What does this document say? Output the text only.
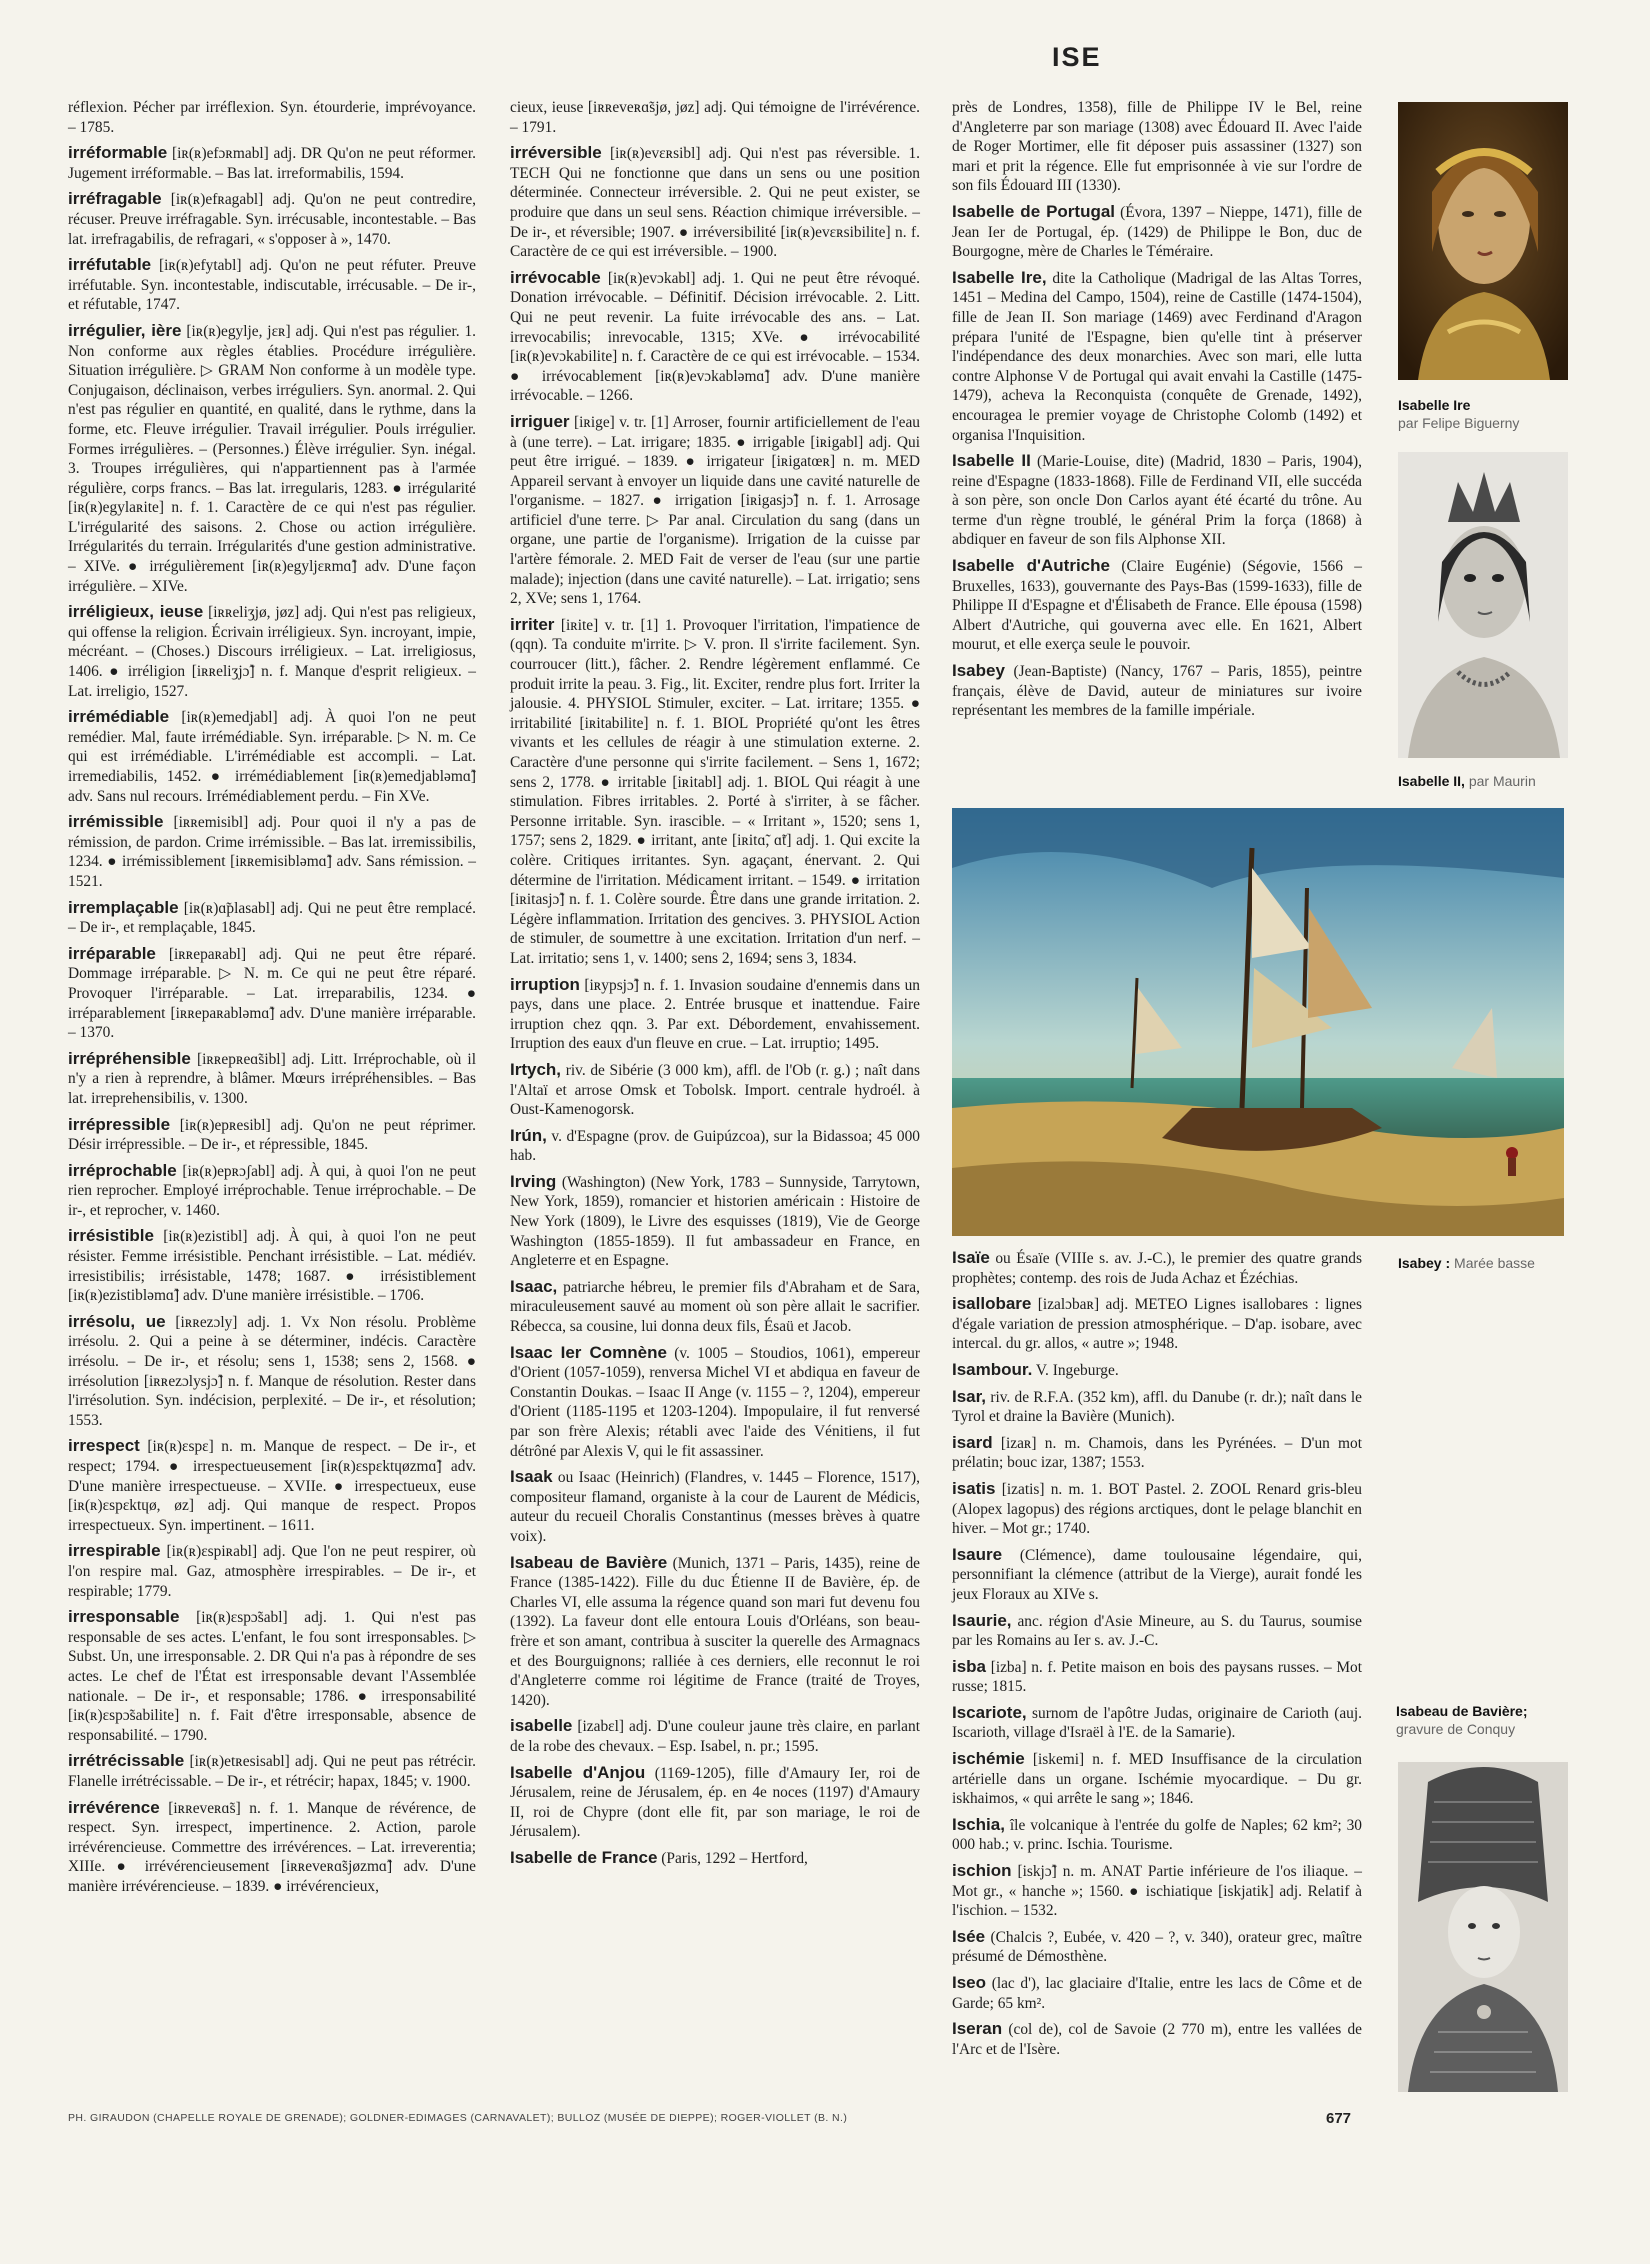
ISE
réflexion. Pécher par irréflexion. Syn. étourderie, imprévoyance. – 1785.
irréformable [iʀ(ʀ)efɔʀmabl] adj. DR Qu'on ne peut réformer. Jugement irréformable. – Bas lat. irreformabilis, 1594.
irréfragable [iʀ(ʀ)efʀagabl] adj. Qu'on ne peut contredire, récuser. Preuve irréfragable. Syn. irrécusable, incontestable. – Bas lat. irrefragabilis, de refragari, « s'opposer à », 1470.
irréfutable [iʀ(ʀ)efytabl] adj. Qu'on ne peut réfuter. Preuve irréfutable. Syn. incontestable, indiscutable, irrécusable. – De ir-, et réfutable, 1747.
irrégulier, ière [iʀ(ʀ)egylje, jɛʀ] adj. Qui n'est pas régulier. 1. Non conforme aux règles établies. Procédure irrégulière. Situation irrégulière. ▷ GRAM Non conforme à un modèle type. Conjugaison, déclinaison, verbes irréguliers. Syn. anormal. 2. Qui n'est pas régulier en quantité, en qualité, dans le rythme, dans la forme, etc. Fleuve irrégulier. Travail irrégulier. Pouls irrégulier. Formes irrégulières. – (Personnes.) Élève irrégulier. Syn. inégal. 3. Troupes irrégulières, qui n'appartiennent pas à l'armée régulière, corps francs. – Bas lat. irregularis, 1283. ● irrégularité [iʀ(ʀ)egylaʀite] n. f. 1. Caractère de ce qui n'est pas régulier. L'irrégularité des saisons. 2. Chose ou action irrégulière. Irrégularités du terrain. Irrégularités d'une gestion administrative. – XIVe. ● irrégulièrement [iʀ(ʀ)egyljɛʀmɑ̃] adv. D'une façon irrégulière. – XIVe.
irréligieux, ieuse [iʀʀeliʒjø, jøz] adj. Qui n'est pas religieux, qui offense la religion. Écrivain irréligieux. Syn. incroyant, impie, mécréant. – (Choses.) Discours irréligieux. – Lat. irreligiosus, 1406. ● irréligion [iʀʀeliʒjɔ̃] n. f. Manque d'esprit religieux. – Lat. irreligio, 1527.
irrémédiable [iʀ(ʀ)emedjabl] adj. À quoi l'on ne peut remédier. Mal, faute irrémédiable. Syn. irréparable. ▷ N. m. Ce qui est irrémédiable. L'irrémédiable est accompli. – Lat. irremediabilis, 1452. ● irrémédiablement [iʀ(ʀ)emedjabləmɑ̃] adv. Sans nul recours. Irrémédiablement perdu. – Fin XVe.
irrémissible [iʀʀemisibl] adj. Pour quoi il n'y a pas de rémission, de pardon. Crime irrémissible. – Bas lat. irremissibilis, 1234. ● irrémissiblement [iʀʀemisibləmɑ̃] adv. Sans rémission. – 1521.
irremplaçable [iʀ(ʀ)ɑ̃plasabl] adj. Qui ne peut être remplacé. – De ir-, et remplaçable, 1845.
irréparable [iʀʀepaʀabl] adj. Qui ne peut être réparé. Dommage irréparable. ▷ N. m. Ce qui ne peut être réparé. Provoquer l'irréparable. – Lat. irreparabilis, 1234. ● irréparablement [iʀʀepaʀabləmɑ̃] adv. D'une manière irréparable. – 1370.
irrépréhensible [iʀʀepʀeɑ̃sibl] adj. Litt. Irréprochable, où il n'y a rien à reprendre, à blâmer. Mœurs irrépréhensibles. – Bas lat. irreprehensibilis, v. 1300.
irrépressible [iʀ(ʀ)epʀesibl] adj. Qu'on ne peut réprimer. Désir irrépressible. – De ir-, et répressible, 1845.
irréprochable [iʀ(ʀ)epʀɔʃabl] adj. À qui, à quoi l'on ne peut rien reprocher. Employé irréprochable. Tenue irréprochable. – De ir-, et reprocher, v. 1460.
irrésistible [iʀ(ʀ)ezistibl] adj. À qui, à quoi l'on ne peut résister. Femme irrésistible. Penchant irrésistible. – Lat. médiév. irresistibilis; irrésistable, 1478; 1687. ● irrésistiblement [iʀ(ʀ)ezistibləmɑ̃] adv. D'une manière irrésistible. – 1706.
irrésolu, ue [iʀʀezɔly] adj. 1. Vx Non résolu. Problème irrésolu. 2. Qui a peine à se déterminer, indécis. Caractère irrésolu. – De ir-, et résolu; sens 1, 1538; sens 2, 1568. ● irrésolution [iʀʀezɔlysjɔ̃] n. f. Manque de résolution. Rester dans l'irrésolution. Syn. indécision, perplexité. – De ir-, et résolution; 1553.
irrespect [iʀ(ʀ)ɛspɛ] n. m. Manque de respect. – De ir-, et respect; 1794. ● irrespectueusement [iʀ(ʀ)ɛspɛktɥøzmɑ̃] adv. D'une manière irrespectueuse. – XVIIe. ● irrespectueux, euse [iʀ(ʀ)ɛspɛktɥø, øz] adj. Qui manque de respect. Propos irrespectueux. Syn. impertinent. – 1611.
irrespirable [iʀ(ʀ)ɛspiʀabl] adj. Que l'on ne peut respirer, où l'on respire mal. Gaz, atmosphère irrespirables. – De ir-, et respirable; 1779.
irresponsable [iʀ(ʀ)ɛspɔ̃sabl] adj. 1. Qui n'est pas responsable de ses actes. L'enfant, le fou sont irresponsables. ▷ Subst. Un, une irresponsable. 2. DR Qui n'a pas à répondre de ses actes. Le chef de l'État est irresponsable devant l'Assemblée nationale. – De ir-, et responsable; 1786. ● irresponsabilité [iʀ(ʀ)ɛspɔ̃sabilite] n. f. Fait d'être irresponsable, absence de responsabilité. – 1790.
irrétrécissable [iʀ(ʀ)etʀesisabl] adj. Qui ne peut pas rétrécir. Flanelle irrétrécissable. – De ir-, et rétrécir; hapax, 1845; v. 1900.
irrévérence [iʀʀeveʀɑ̃s] n. f. 1. Manque de révérence, de respect. Syn. irrespect, impertinence. 2. Action, parole irrévérencieuse. Commettre des irrévérences. – Lat. irreverentia; XIIIe. ● irrévérencieusement [iʀʀeveʀɑ̃sjøzmɑ̃] adv. D'une manière irrévérencieuse. – 1839. ● irrévérencieux,
cieux, ieuse [iʀʀeveʀɑ̃sjø, jøz] adj. Qui témoigne de l'irrévérence. – 1791.
irréversible [iʀ(ʀ)evɛʀsibl] adj. Qui n'est pas réversible. 1. TECH Qui ne fonctionne que dans un sens ou une position déterminée. Connecteur irréversible. 2. Qui ne peut exister, se produire que dans un seul sens. Réaction chimique irréversible. – De ir-, et réversible; 1907. ● irréversibilité [iʀ(ʀ)evɛʀsibilite] n. f. Caractère de ce qui est irréversible. – 1900.
irrévocable [iʀ(ʀ)evɔkabl] adj. 1. Qui ne peut être révoqué. Donation irrévocable. – Définitif. Décision irrévocable. 2. Litt. Qui ne peut revenir. La fuite irrévocable des ans. – Lat. irrevocabilis; inrevocable, 1315; XVe. ● irrévocabilité [iʀ(ʀ)evɔkabilite] n. f. Caractère de ce qui est irrévocable. – 1534. ● irrévocablement [iʀ(ʀ)evɔkabləmɑ̃] adv. D'une manière irrévocable. – 1266.
irriguer [iʀige] v. tr. [1] Arroser, fournir artificiellement de l'eau à (une terre). – Lat. irrigare; 1835. ● irrigable [iʀigabl] adj. Qui peut être irrigué. – 1839. ● irrigateur [iʀigatœʀ] n. m. MED Appareil servant à envoyer un liquide dans une cavité naturelle de l'organisme. – 1827. ● irrigation [iʀigasjɔ̃] n. f. 1. Arrosage artificiel d'une terre. ▷ Par anal. Circulation du sang (dans un organe, une partie de l'organisme). Irrigation de la cuisse par l'artère fémorale. 2. MED Fait de verser de l'eau (sur une partie malade); injection (dans une cavité naturelle). – Lat. irrigatio; sens 2, XVe; sens 1, 1764.
irriter [iʀite] v. tr. [1] 1. Provoquer l'irritation, l'impatience de (qqn). Ta conduite m'irrite. ▷ V. pron. Il s'irrite facilement. Syn. courroucer (litt.), fâcher. 2. Rendre légèrement enflammé. Ce produit irrite la peau. 3. Fig., lit. Exciter, rendre plus fort. Irriter la jalousie. 4. PHYSIOL Stimuler, exciter. – Lat. irritare; 1355. ● irritabilité [iʀitabilite] n. f. 1. BIOL Propriété qu'ont les êtres vivants et les cellules de réagir à une stimulation externe. 2. Caractère d'une personne qui s'irrite facilement. – Sens 1, 1672; sens 2, 1778. ● irritable [iʀitabl] adj. 1. BIOL Qui réagit à une stimulation. Fibres irritables. 2. Porté à s'irriter, à se fâcher. Personne irritable. Syn. irascible. – « Irritant », 1520; sens 1, 1757; sens 2, 1829. ● irritant, ante [iʀitɑ̃, ɑ̃t] adj. 1. Qui excite la colère. Critiques irritantes. Syn. agaçant, énervant. 2. Qui détermine de l'irritation. Médicament irritant. – 1549. ● irritation [iʀitasjɔ̃] n. f. 1. Colère sourde. Être dans une grande irritation. 2. Légère inflammation. Irritation des gencives. 3. PHYSIOL Action de stimuler, de soumettre à une excitation. Irritation d'un nerf. – Lat. irritatio; sens 1, v. 1400; sens 2, 1694; sens 3, 1834.
irruption [iʀypsjɔ̃] n. f. 1. Invasion soudaine d'ennemis dans un pays, dans une place. 2. Entrée brusque et inattendue. Faire irruption chez qqn. 3. Par ext. Débordement, envahissement. Irruption des eaux d'un fleuve en crue. – Lat. irruptio; 1495.
Irtych, riv. de Sibérie (3 000 km), affl. de l'Ob (r. g.) ; naît dans l'Altaï et arrose Omsk et Tobolsk. Import. centrale hydroél. à Oust-Kamenogorsk.
Irún, v. d'Espagne (prov. de Guipúzcoa), sur la Bidassoa; 45 000 hab.
Irving (Washington) (New York, 1783 – Sunnyside, Tarrytown, New York, 1859), romancier et historien américain : Histoire de New York (1809), le Livre des esquisses (1819), Vie de George Washington (1855-1859). Il fut ambassadeur en France, en Angleterre et en Espagne.
Isaac, patriarche hébreu, le premier fils d'Abraham et de Sara, miraculeusement sauvé au moment où son père allait le sacrifier. Rébecca, sa cousine, lui donna deux fils, Ésaü et Jacob.
Isaac Ier Comnène (v. 1005 – Stoudios, 1061), empereur d'Orient (1057-1059), renversa Michel VI et abdiqua en faveur de Constantin Doukas. – Isaac II Ange (v. 1155 – ?, 1204), empereur d'Orient (1185-1195 et 1203-1204). Impopulaire, il fut renversé par son frère Alexis; rétabli avec l'aide des Vénitiens, il fut détrôné par Alexis V, qui le fit assassiner.
Isaak ou Isaac (Heinrich) (Flandres, v. 1445 – Florence, 1517), compositeur flamand, organiste à la cour de Laurent de Médicis, auteur du recueil Choralis Constantinus (messes brèves à quatre voix).
Isabeau de Bavière (Munich, 1371 – Paris, 1435), reine de France (1385-1422). Fille du duc Étienne II de Bavière, ép. de Charles VI, elle assuma la régence quand son mari fut devenu fou (1392). La faveur dont elle entoura Louis d'Orléans, son beau-frère et son amant, contribua à susciter la querelle des Armagnacs et des Bourguignons; ralliée à ces derniers, elle reconnut le roi d'Angleterre comme roi légitime de France (traité de Troyes, 1420).
isabelle [izabɛl] adj. D'une couleur jaune très claire, en parlant de la robe des chevaux. – Esp. Isabel, n. pr.; 1595.
Isabelle d'Anjou (1169-1205), fille d'Amaury Ier, roi de Jérusalem, reine de Jérusalem, ép. en 4e noces (1197) d'Amaury II, roi de Chypre (dont elle fit, par son mariage, le roi de Jérusalem).
Isabelle de France (Paris, 1292 – Hertford,
près de Londres, 1358), fille de Philippe IV le Bel, reine d'Angleterre par son mariage (1308) avec Édouard II. Avec l'aide de Roger Mortimer, elle fit déposer puis assassiner (1327) son mari et prit la régence. Elle fut emprisonnée à vie sur l'ordre de son fils Édouard III (1330).
Isabelle de Portugal (Évora, 1397 – Nieppe, 1471), fille de Jean Ier de Portugal, ép. (1429) de Philippe le Bon, duc de Bourgogne, mère de Charles le Téméraire.
Isabelle Ire, dite la Catholique (Madrigal de las Altas Torres, 1451 – Medina del Campo, 1504), reine de Castille (1474-1504), fille de Jean II. Son mariage (1469) avec Ferdinand d'Aragon prépara l'unité de l'Espagne, bien qu'elle tint à préserver l'indépendance des deux monarchies. Avec son mari, elle lutta contre Alphonse V de Portugal qui avait envahi la Castille (1475-1479), acheva la Reconquista (conquête de Grenade, 1492), encouragea le premier voyage de Christophe Colomb (1492) et organisa l'Inquisition.
Isabelle II (Marie-Louise, dite) (Madrid, 1830 – Paris, 1904), reine d'Espagne (1833-1868). Fille de Ferdinand VII, elle succéda à son père, son oncle Don Carlos ayant été écarté du trône. Au terme d'un règne troublé, le général Prim la força (1868) à abdiquer en faveur de son fils Alphonse XII.
Isabelle d'Autriche (Claire Eugénie) (Ségovie, 1566 – Bruxelles, 1633), gouvernante des Pays-Bas (1599-1633), fille de Philippe II d'Espagne et d'Élisabeth de France. Elle épousa (1598) Albert d'Autriche, qui gouverna avec elle. En 1621, Albert mourut, et elle exerça seule le pouvoir.
Isabey (Jean-Baptiste) (Nancy, 1767 – Paris, 1855), peintre français, élève de David, auteur de miniatures sur ivoire représentant les membres de la famille impériale.
Isaïe ou Ésaïe (VIIIe s. av. J.-C.), le premier des quatre grands prophètes; contemp. des rois de Juda Achaz et Ézéchias.
isallobare [izalɔbaʀ] adj. METEO Lignes isallobares : lignes d'égale variation de pression atmosphérique. – D'ap. isobare, avec intercal. du gr. allos, « autre »; 1948.
Isambour. V. Ingeburge.
Isar, riv. de R.F.A. (352 km), affl. du Danube (r. dr.); naît dans le Tyrol et draine la Bavière (Munich).
isard [izaʀ] n. m. Chamois, dans les Pyrénées. – D'un mot prélatin; bouc izar, 1387; 1553.
isatis [izatis] n. m. 1. BOT Pastel. 2. ZOOL Renard gris-bleu (Alopex lagopus) des régions arctiques, dont le pelage blanchit en hiver. – Mot gr.; 1740.
Isaure (Clémence), dame toulousaine légendaire, qui, personnifiant la clémence (attribut de la Vierge), aurait fondé les jeux Floraux au XIVe s.
Isaurie, anc. région d'Asie Mineure, au S. du Taurus, soumise par les Romains au Ier s. av. J.-C.
isba [izba] n. f. Petite maison en bois des paysans russes. – Mot russe; 1815.
Iscariote, surnom de l'apôtre Judas, originaire de Carioth (auj. Iscarioth, village d'Israël à l'E. de la Samarie).
ischémie [iskemi] n. f. MED Insuffisance de la circulation artérielle dans un organe. Ischémie myocardique. – Du gr. iskhaimos, « qui arrête le sang »; 1846.
Ischia, île volcanique à l'entrée du golfe de Naples; 62 km²; 30 000 hab.; v. princ. Ischia. Tourisme.
ischion [iskjɔ̃] n. m. ANAT Partie inférieure de l'os iliaque. – Mot gr., « hanche »; 1560. ● ischiatique [iskjatik] adj. Relatif à l'ischion. – 1532.
Isée (Chalcis ?, Eubée, v. 420 – ?, v. 340), orateur grec, maître présumé de Démosthène.
Iseo (lac d'), lac glaciaire d'Italie, entre les lacs de Côme et de Garde; 65 km².
Iseran (col de), col de Savoie (2 770 m), entre les vallées de l'Arc et de l'Isère.
Isabelle Ire
par Felipe Biguerny
Isabelle II, par Maurin
Isabey : Marée basse
Isabeau de Bavière;
gravure de Conquy
PH. GIRAUDON (CHAPELLE ROYALE DE GRENADE); GOLDNER-EDIMAGES (CARNAVALET); BULLOZ (MUSÉE DE DIEPPE); ROGER-VIOLLET (B. N.)	677
